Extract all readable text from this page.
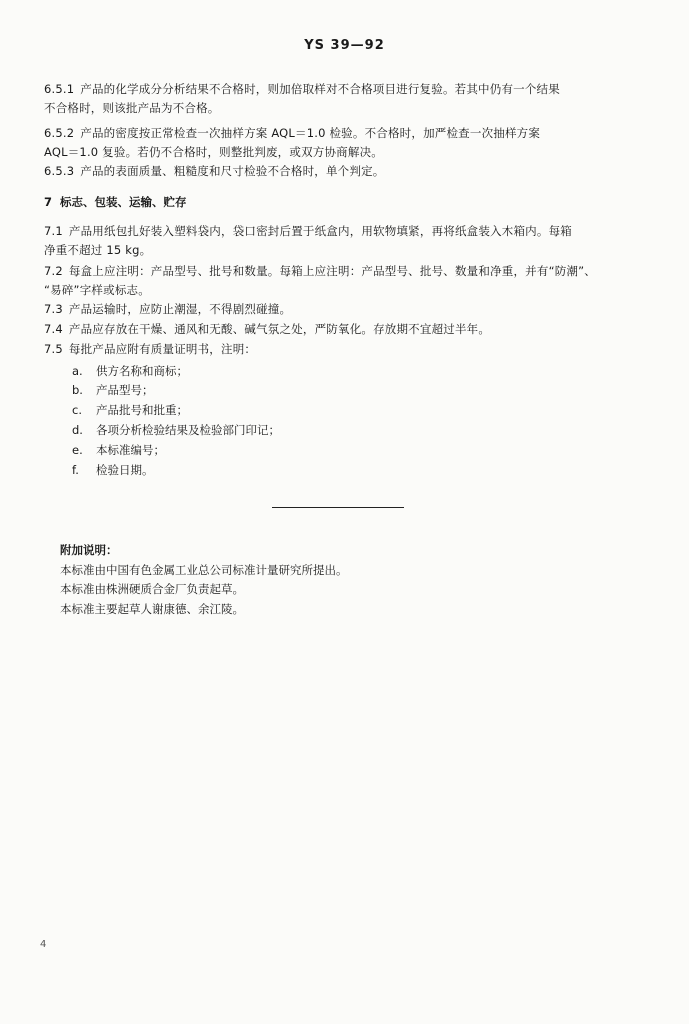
YS 39—92

6.5.1 产品的化学成分分析结果不合格时，则加倍取样对不合格项目进行复验。若其中仍有一个结果

不合格时，则该批产品为不合格。

6.5.2 产品的密度按正常检查一次抽样方案 AQL＝1.0 检验。不合格时，加严检查一次抽样方案

AQL＝1.0 复验。若仍不合格时，则整批判废，或双方协商解决。

6.5.3 产品的表面质量、粗糙度和尺寸检验不合格时，单个判定。

7 标志、包装、运输、贮存

7.1 产品用纸包扎好装入塑料袋内，袋口密封后置于纸盒内，用软物填紧，再将纸盒装入木箱内。每箱

净重不超过 15 kg。

7.2 每盒上应注明：产品型号、批号和数量。每箱上应注明：产品型号、批号、数量和净重，并有“防潮”、

“易碎”字样或标志。

7.3 产品运输时，应防止潮湿，不得剧烈碰撞。

7.4 产品应存放在干燥、通风和无酸、碱气氛之处，严防氧化。存放期不宜超过半年。

7.5 每批产品应附有质量证明书，注明：

a. 供方名称和商标；
b. 产品型号；
c. 产品批号和批重；
d. 各项分析检验结果及检验部门印记；
e. 本标准编号；
f. 检验日期。
附加说明：
本标准由中国有色金属工业总公司标准计量研究所提出。
本标准由株洲硬质合金厂负责起草。
本标准主要起草人谢康德、余江陵。
4
